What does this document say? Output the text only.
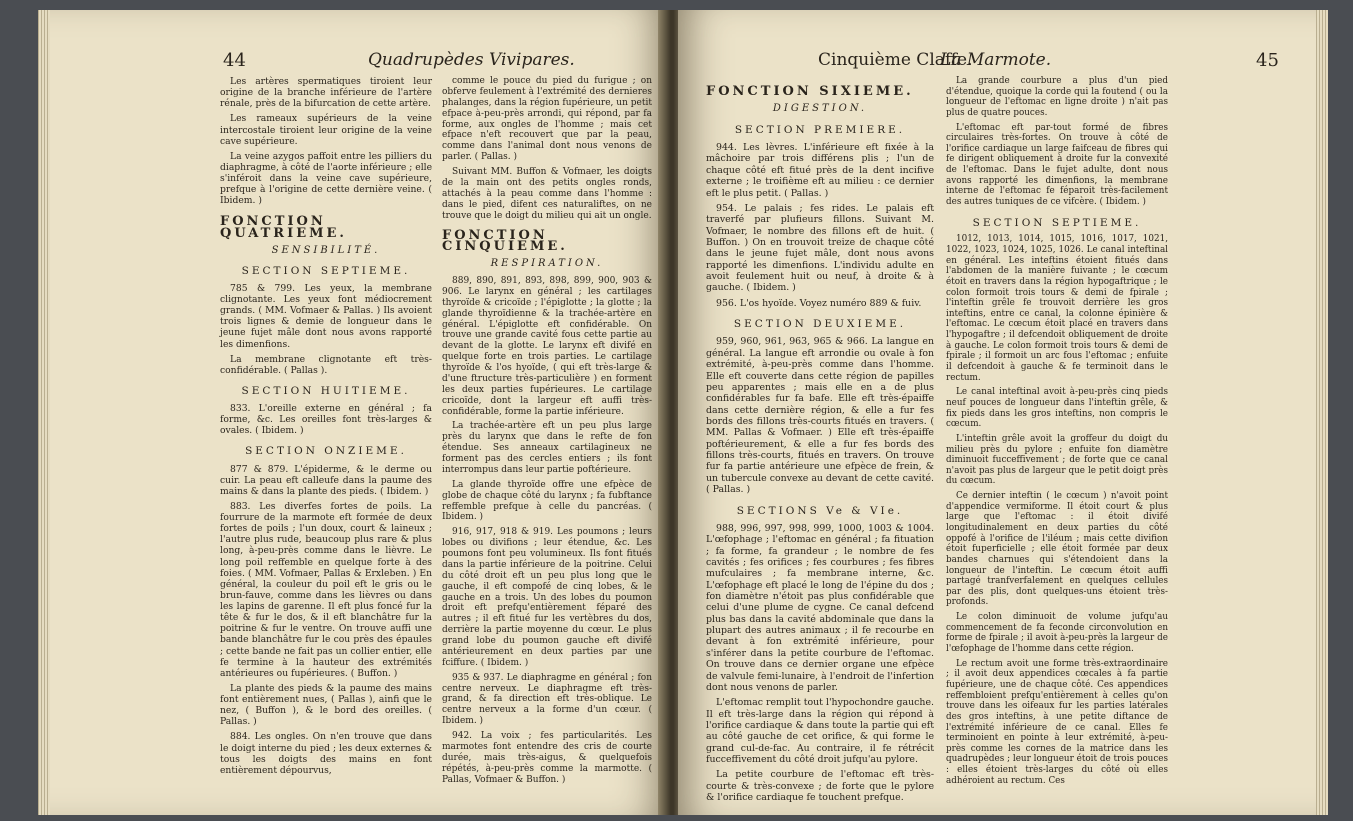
44	Quadrupèdes Vivipares.

Les artères spermatiques tiroient leur origine de la branche inférieure de l'artère rénale, près de la bifurcation de cette artère.

Les rameaux supérieurs de la veine intercostale tiroient leur origine de la veine cave supérieure.

La veine azygos paffoit entre les pilliers du diaphragme, à côté de l'aorte inférieure ; elle s'inféroit dans la veine cave supérieure, prefque à l'origine de cette dernière veine. ( Ibidem. )

FONCTION QUATRIEME.
SENSIBILITÉ.
SECTION SEPTIEME.

785 & 799. Les yeux, la membrane clignotante. Les yeux font médiocrement grands. ( MM. Vofmaer & Pallas. ) Ils avoient trois lignes & demie de longueur dans le jeune fujet mâle dont nous avons rapporté les dimenfions.

La membrane clignotante eft très-confidérable. ( Pallas ).

SECTION HUITIEME.

833. L'oreille externe en général ; fa forme, &c. Les oreilles font très-larges & ovales. ( Ibidem. )

SECTION ONZIEME.

877 & 879. L'épiderme, & le derme ou cuir. La peau eft calleufe dans la paume des mains & dans la plante des pieds. ( Ibidem. )

883. Les diverfes fortes de poils. La fourrure de la marmote eft formée de deux fortes de poils ; l'un doux, court & laineux ; l'autre plus rude, beaucoup plus rare & plus long, à-peu-près comme dans le lièvre. Le long poil reffemble en quelque forte à des foies. ( MM. Vofmaer, Pallas & Erxleben. ) En général, la couleur du poil eft le gris ou le brun-fauve, comme dans les lièvres ou dans les lapins de garenne. Il eft plus foncé fur la tête & fur le dos, & il eft blanchâtre fur la poitrine & fur le ventre. On trouve auffi une bande blanchâtre fur le cou près des épaules ; cette bande ne fait pas un collier entier, elle fe termine à la hauteur des extrémités antérieures ou fupérieures. ( Buffon. )

La plante des pieds & la paume des mains font entièrement nues, ( Pallas ), ainfi que le nez, ( Buffon ), & le bord des oreilles. ( Pallas. )

884. Les ongles. On n'en trouve que dans le doigt interne du pied ; les deux externes & tous les doigts des mains en font entièrement dépourvus,

comme le pouce du pied du furigue ; on obferve feulement à l'extrémité des dernieres phalanges, dans la région fupérieure, un petit efpace à-peu-près arrondi, qui répond, par fa forme, aux ongles de l'homme ; mais cet efpace n'eft recouvert que par la peau, comme dans l'animal dont nous venons de parler. ( Pallas. )

Suivant MM. Buffon & Vofmaer, les doigts de la main ont des petits ongles ronds, attachés à la peau comme dans l'homme : dans le pied, difent ces naturaliftes, on ne trouve que le doigt du milieu qui ait un ongle.

FONCTION CINQUIEME.
RESPIRATION.

889, 890, 891, 893, 898, 899, 900, 903 & 906. Le larynx en général ; les cartilages thyroïde & cricoïde ; l'épiglotte ; la glotte ; la glande thyroïdienne & la trachée-artère en général. L'épiglotte eft confidérable. On trouve une grande cavité fous cette partie au devant de la glotte. Le larynx eft divifé en quelque forte en trois parties. Le cartilage thyroïde & l'os hyoïde, ( qui eft très-large & d'une ftructure très-particulière ) en forment les deux parties fupérieures. Le cartilage cricoïde, dont la largeur eft auffi très-confidérable, forme la partie inférieure.

La trachée-artère eft un peu plus large près du larynx que dans le refte de fon étendue. Ses anneaux cartilagineux ne forment pas des cercles entiers ; ils font interrompus dans leur partie poftérieure.

La glande thyroïde offre une efpèce de globe de chaque côté du larynx ; fa fubftance reffemble prefque à celle du pancréas. ( Ibidem. )

916, 917, 918 & 919. Les poumons ; leurs lobes ou divifions ; leur étendue, &c. Les poumons font peu volumineux. Ils font fitués dans la partie inférieure de la poitrine. Celui du côté droit eft un peu plus long que le gauche, il eft compofé de cinq lobes, & le gauche en a trois. Un des lobes du poumon droit eft prefqu'entièrement féparé des autres ; il eft fitué fur les vertèbres du dos, derrière la partie moyenne du cœur. Le plus grand lobe du poumon gauche eft divifé antérieurement en deux parties par une fciffure. ( Ibidem. )

935 & 937. Le diaphragme en général ; fon centre nerveux. Le diaphragme eft très-grand, & fa direction eft très-oblique. Le centre nerveux a la forme d'un cœur. ( Ibidem. )

942. La voix ; fes particularités. Les marmotes font entendre des cris de courte durée, mais très-aigus, & quelquefois répétés, à-peu-près comme la marmotte. ( Pallas, Vofmaer & Buffon. )

Cinquième Claffe.
La Marmote.	45
FONCTION SIXIEME.
DIGESTION.
SECTION PREMIERE.

944. Les lèvres. L'inférieure eft fixée à la mâchoire par trois différens plis ; l'un de chaque côté eft fitué près de la dent incifive externe ; le troifième eft au milieu : ce dernier eft le plus petit. ( Pallas. )

954. Le palais ; fes rides. Le palais eft traverfé par plufieurs fillons. Suivant M. Vofmaer, le nombre des fillons eft de huit. ( Buffon. ) On en trouvoit treize de chaque côté dans le jeune fujet mâle, dont nous avons rapporté les dimenfions. L'individu adulte en avoit feulement huit ou neuf, à droite & à gauche. ( Ibidem. )

956. L'os hyoïde. Voyez numéro 889 & fuiv.

SECTION DEUXIEME.

959, 960, 961, 963, 965 & 966. La langue en général. La langue eft arrondie ou ovale à fon extrémité, à-peu-près comme dans l'homme. Elle eft couverte dans cette région de papilles peu apparentes ; mais elle en a de plus confidérables fur fa bafe. Elle eft très-épaiffe dans cette dernière région, & elle a fur fes bords des fillons très-courts fitués en travers. ( MM. Pallas & Vofmaer. ) Elle eft très-épaiffe poftérieurement, & elle a fur fes bords des fillons très-courts, fitués en travers. On trouve fur fa partie antérieure une efpèce de frein, & un tubercule convexe au devant de cette cavité. ( Pallas. )

SECTIONS Ve & VIe.

988, 996, 997, 998, 999, 1000, 1003 & 1004. L'œfophage ; l'eftomac en général ; fa fituation ; fa forme, fa grandeur ; le nombre de fes cavités ; fes orifices ; fes courbures ; fes fibres mufculaires ; fa membrane interne, &c. L'œfophage eft placé le long de l'épine du dos ; fon diamètre n'étoit pas plus confidérable que celui d'une plume de cygne. Ce canal defcend plus bas dans la cavité abdominale que dans la plupart des autres animaux ; il fe recourbe en devant à fon extrémité inférieure, pour s'inférer dans la petite courbure de l'eftomac. On trouve dans ce dernier organe une efpèce de valvule femi-lunaire, à l'endroit de l'infertion dont nous venons de parler.

L'eftomac remplit tout l'hypochondre gauche. Il eft très-large dans la région qui répond à l'orifice cardiaque & dans toute la partie qui eft au côté gauche de cet orifice, & qui forme le grand cul-de-fac. Au contraire, il fe rétrécit fucceffivement du côté droit jufqu'au pylore.

La petite courbure de l'eftomac eft très-courte & très-convexe ; de forte que le pylore & l'orifice cardiaque fe touchent prefque.

La grande courbure a plus d'un pied d'étendue, quoique la corde qui la foutend ( ou la longueur de l'eftomac en ligne droite ) n'ait pas plus de quatre pouces.

L'eftomac eft par-tout formé de fibres circulaires très-fortes. On trouve à côté de l'orifice cardiaque un large faifceau de fibres qui fe dirigent obliquement à droite fur la convexité de l'eftomac. Dans le fujet adulte, dont nous avons rapporté les dimenfions, la membrane interne de l'eftomac fe féparoit très-facilement des autres tuniques de ce vifcère. ( Ibidem. )

SECTION SEPTIEME.

1012, 1013, 1014, 1015, 1016, 1017, 1021, 1022, 1023, 1024, 1025, 1026. Le canal inteftinal en général. Les inteftins étoient fitués dans l'abdomen de la manière fuivante ; le cœcum étoit en travers dans la région hypogaftrique ; le colon formoit trois tours & demi de fpirale ; l'inteftin grêle fe trouvoit derrière les gros inteftins, entre ce canal, la colonne épinière & l'eftomac. Le cœcum étoit placé en travers dans l'hypogaftre ; il defcendoit obliquement de droite à gauche. Le colon formoit trois tours & demi de fpirale ; il formoit un arc fous l'eftomac ; enfuite il defcendoit à gauche & fe terminoit dans le rectum.

Le canal inteftinal avoit à-peu-près cinq pieds neuf pouces de longueur dans l'inteftin grêle, & fix pieds dans les gros inteftins, non compris le cœcum.

L'inteftin grêle avoit la groffeur du doigt du milieu près du pylore ; enfuite fon diamètre diminuoit fucceffivement ; de forte que ce canal n'avoit pas plus de largeur que le petit doigt près du cœcum.

Ce dernier inteftin ( le cœcum ) n'avoit point d'appendice vermiforme. Il étoit court & plus large que l'eftomac : il étoit divifé longitudinalement en deux parties du côté oppofé à l'orifice de l'iléum ; mais cette divifion étoit fuperficielle ; elle étoit formée par deux bandes charnues qui s'étendoient dans la longueur de l'inteftin. Le cœcum étoit auffi partagé tranfverfalement en quelques cellules par des plis, dont quelques-uns étoient très-profonds.

Le colon diminuoit de volume jufqu'au commencement de fa feconde circonvolution en forme de fpirale ; il avoit à-peu-près la largeur de l'œfophage de l'homme dans cette région.

Le rectum avoit une forme très-extraordinaire ; il avoit deux appendices cœcales à fa partie fupérieure, une de chaque côté. Ces appendices reffembloient prefqu'entièrement à celles qu'on trouve dans les oifeaux fur les parties latérales des gros inteftins, à une petite diftance de l'extrémité inférieure de ce canal. Elles fe terminoient en pointe à leur extrémité, à-peu-près comme les cornes de la matrice dans les quadrupèdes ; leur longueur étoit de trois pouces : elles étoient très-larges du côté où elles adhéroient au rectum. Ces
